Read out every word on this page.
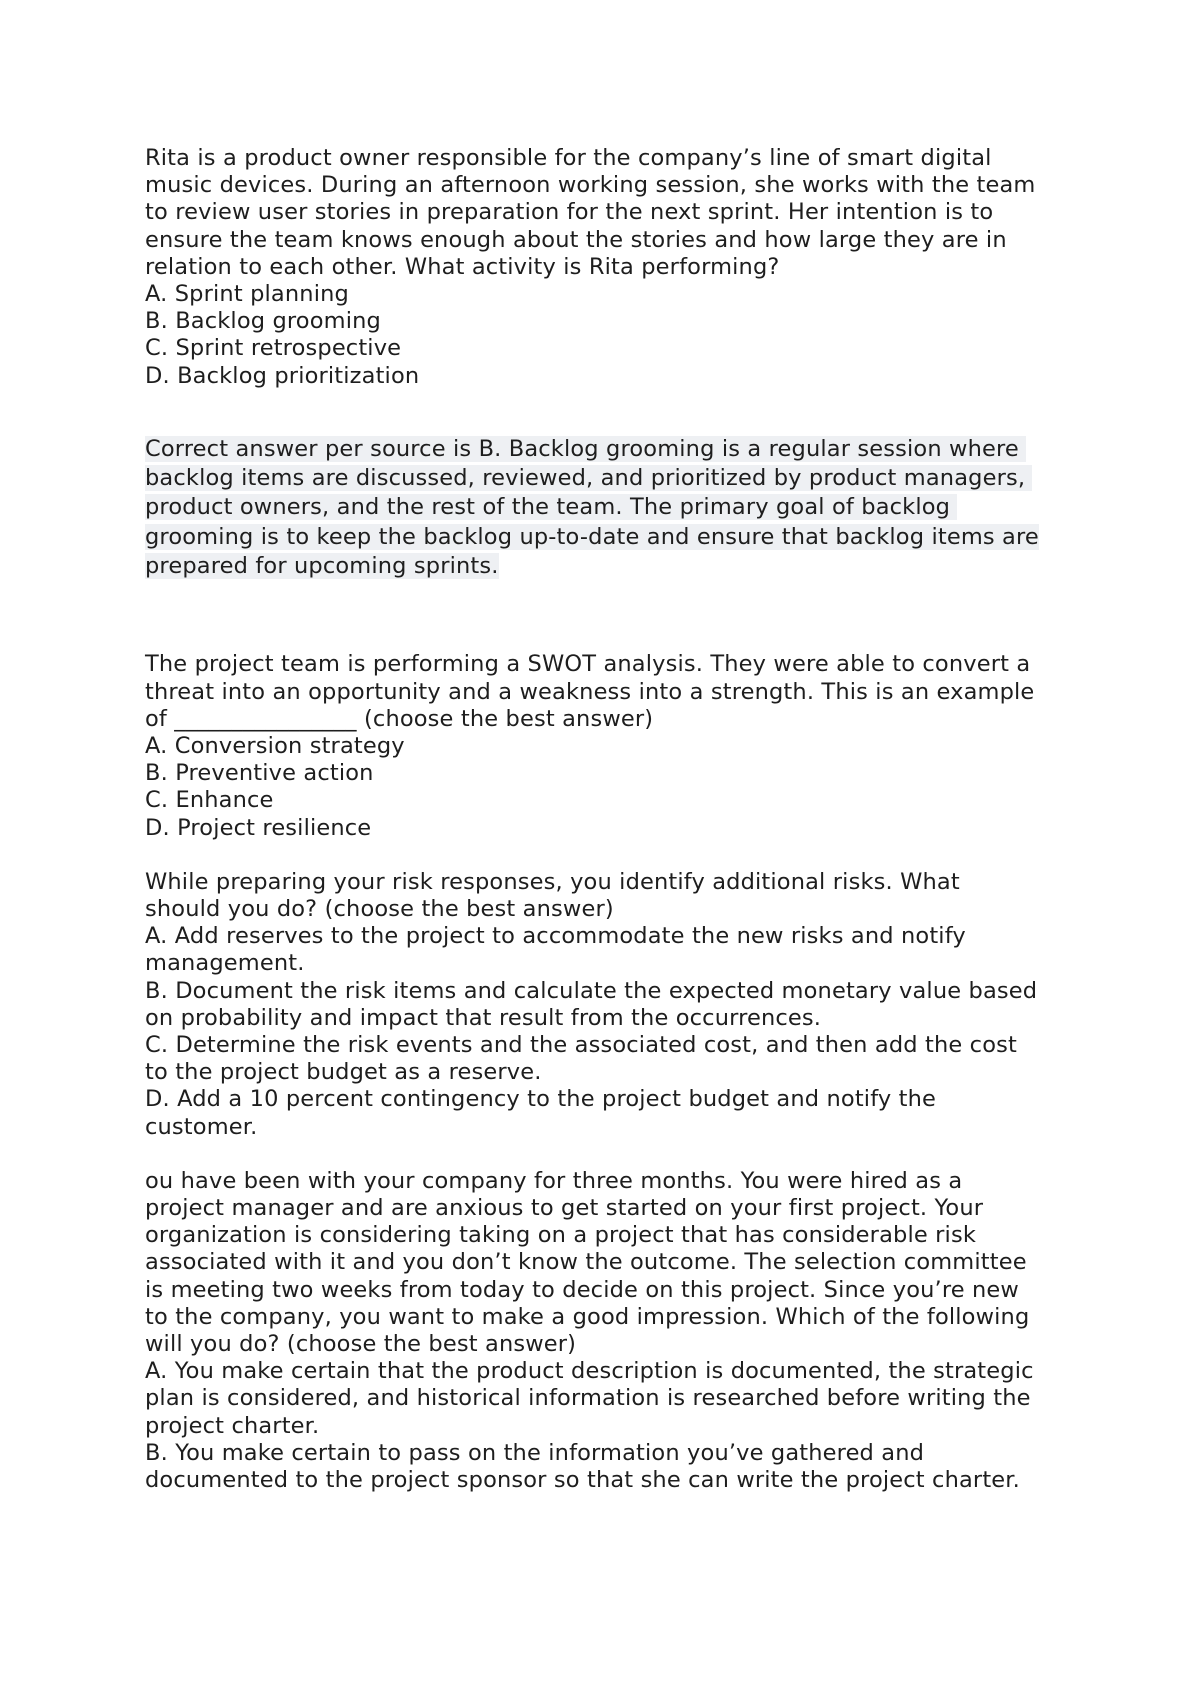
Rita is a product owner responsible for the company’s line of smart digital
music devices. During an afternoon working session, she works with the team
to review user stories in preparation for the next sprint. Her intention is to
ensure the team knows enough about the stories and how large they are in
relation to each other. What activity is Rita performing?
A. Sprint planning
B. Backlog grooming
C. Sprint retrospective
D. Backlog prioritization
Correct answer per source is B. Backlog grooming is a regular session where
backlog items are discussed, reviewed, and prioritized by product managers,
product owners, and the rest of the team. The primary goal of backlog
grooming is to keep the backlog up-to-date and ensure that backlog items are
prepared for upcoming sprints.
The project team is performing a SWOT analysis. They were able to convert a
threat into an opportunity and a weakness into a strength. This is an example
of ________________ (choose the best answer)
A. Conversion strategy
B. Preventive action
C. Enhance
D. Project resilience
While preparing your risk responses, you identify additional risks. What
should you do? (choose the best answer)
A. Add reserves to the project to accommodate the new risks and notify
management.
B. Document the risk items and calculate the expected monetary value based
on probability and impact that result from the occurrences.
C. Determine the risk events and the associated cost, and then add the cost
to the project budget as a reserve.
D. Add a 10 percent contingency to the project budget and notify the
customer.
ou have been with your company for three months. You were hired as a
project manager and are anxious to get started on your first project. Your
organization is considering taking on a project that has considerable risk
associated with it and you don’t know the outcome. The selection committee
is meeting two weeks from today to decide on this project. Since you’re new
to the company, you want to make a good impression. Which of the following
will you do? (choose the best answer)
A. You make certain that the product description is documented, the strategic
plan is considered, and historical information is researched before writing the
project charter.
B. You make certain to pass on the information you’ve gathered and
documented to the project sponsor so that she can write the project charter.
